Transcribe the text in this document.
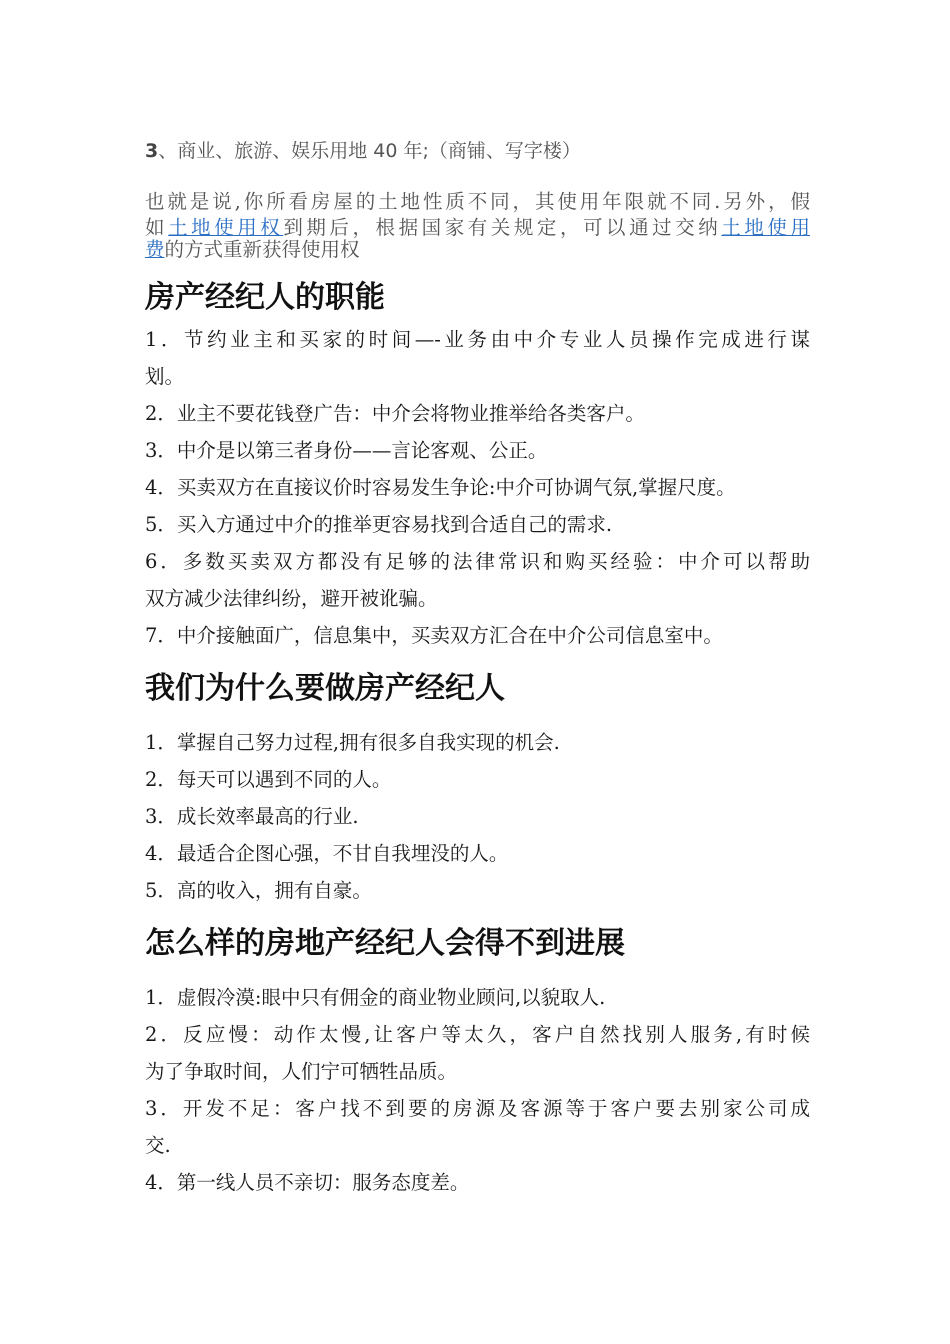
3、商业、旅游、娱乐用地 40 年;（商铺、写字楼）
也就是说,你所看房屋的土地性质不同，其使用年限就不同.另外，假
如土地使用权到期后，根据国家有关规定，可以通过交纳土地使用
费的方式重新获得使用权
房产经纪人的职能
1．节约业主和买家的时间—-业务由中介专业人员操作完成进行谋
划。
2．业主不要花钱登广告：中介会将物业推举给各类客户。
3．中介是以第三者身份——言论客观、公正。
4．买卖双方在直接议价时容易发生争论:中介可协调气氛,掌握尺度。
5．买入方通过中介的推举更容易找到合适自己的需求.
6．多数买卖双方都没有足够的法律常识和购买经验：中介可以帮助
双方减少法律纠纷，避开被讹骗。
7．中介接触面广，信息集中，买卖双方汇合在中介公司信息室中。
我们为什么要做房产经纪人
1．掌握自己努力过程,拥有很多自我实现的机会.
2．每天可以遇到不同的人。
3．成长效率最高的行业.
4．最适合企图心强，不甘自我埋没的人。
5．高的收入，拥有自豪。
怎么样的房地产经纪人会得不到进展
1．虚假冷漠:眼中只有佣金的商业物业顾问,以貌取人.
2．反应慢：动作太慢,让客户等太久，客户自然找别人服务,有时候
为了争取时间，人们宁可牺牲品质。
3．开发不足：客户找不到要的房源及客源等于客户要去别家公司成
交.
4．第一线人员不亲切：服务态度差。
